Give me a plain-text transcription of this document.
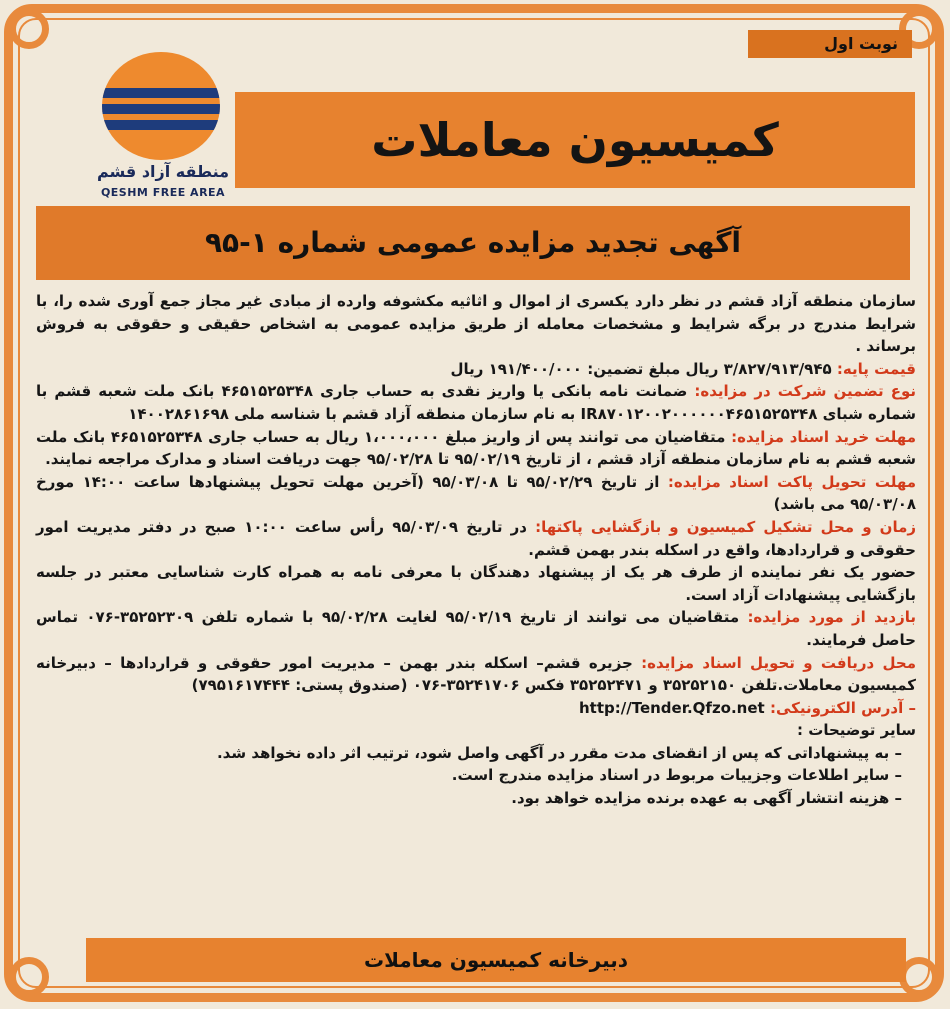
نوبت اول
کمیسیون معاملات
منطقه آزاد قشم
QESHM FREE AREA
آگهی تجدید مزایده عمومی شماره ۱-۹۵

سازمان منطقه آزاد قشم در نظر دارد یکسری از اموال و اثاثیه مکشوفه وارده از مبادی غیر مجاز جمع آوری شده را، با شرایط مندرج در برگه شرایط و مشخصات معامله از طریق مزایده عمومی به اشخاص حقیقی و حقوقی به فروش برساند .

قیمت پایه: ۳/۸۲۷/۹۱۳/۹۴۵ ریال مبلغ تضمین: ۱۹۱/۴۰۰/۰۰۰ ریال

نوع تضمین شرکت در مزایده: ضمانت نامه بانکی یا واریز نقدی به حساب جاری ۴۶۵۱۵۲۵۳۴۸ بانک ملت شعبه قشم با شماره شبای IR۸۷۰۱۲۰۰۲۰۰۰۰۰۰۴۶۵۱۵۲۵۳۴۸ به نام سازمان منطقه آزاد قشم با شناسه ملی ۱۴۰۰۲۸۶۱۶۹۸

مهلت خرید اسناد مزایده: متقاضیان می توانند پس از واریز مبلغ ۱،۰۰۰،۰۰۰ ریال به حساب جاری ۴۶۵۱۵۲۵۳۴۸ بانک ملت شعبه قشم به نام سازمان منطقه آزاد قشم ، از تاریخ ۹۵/۰۲/۱۹ تا ۹۵/۰۲/۲۸ جهت دریافت اسناد و مدارک مراجعه نمایند.

مهلت تحویل پاکت اسناد مزایده: از تاریخ ۹۵/۰۲/۲۹ تا ۹۵/۰۳/۰۸ (آخرین مهلت تحویل پیشنهادها ساعت ۱۴:۰۰ مورخ ۹۵/۰۳/۰۸ می باشد)

زمان و محل تشکیل کمیسیون و بازگشایی پاکتها: در تاریخ ۹۵/۰۳/۰۹ رأس ساعت ۱۰:۰۰ صبح در دفتر مدیریت امور حقوقی و قراردادها، واقع در اسکله بندر بهمن قشم.

حضور یک نفر نماینده از طرف هر یک از پیشنهاد دهندگان با معرفی نامه به همراه کارت شناسایی معتبر در جلسه بازگشایی پیشنهادات آزاد است.

بازدید از مورد مزایده: متقاضیان می توانند از تاریخ ۹۵/۰۲/۱۹ لغایت ۹۵/۰۲/۲۸ با شماره تلفن ۳۵۲۵۲۳۰۹-۰۷۶ تماس حاصل فرمایند.

محل دریافت و تحویل اسناد مزایده: جزیره قشم– اسکله بندر بهمن – مدیریت امور حقوقی و قراردادها – دبیرخانه کمیسیون معاملات.تلفن ۳۵۲۵۲۱۵۰ و ۳۵۲۵۲۴۷۱ فکس ۳۵۲۴۱۷۰۶-۰۷۶ (صندوق پستی: ۷۹۵۱۶۱۷۴۴۴)

– آدرس الکترونیکی: http://Tender.Qfzo.net

سایر توضیحات :

– به پیشنهاداتی که پس از انقضای مدت مقرر در آگهی واصل شود، ترتیب اثر داده نخواهد شد.

– سایر اطلاعات وجزییات مربوط در اسناد مزایده مندرج است.

– هزینه انتشار آگهی به عهده برنده مزایده خواهد بود.

دبیرخانه کمیسیون معاملات
